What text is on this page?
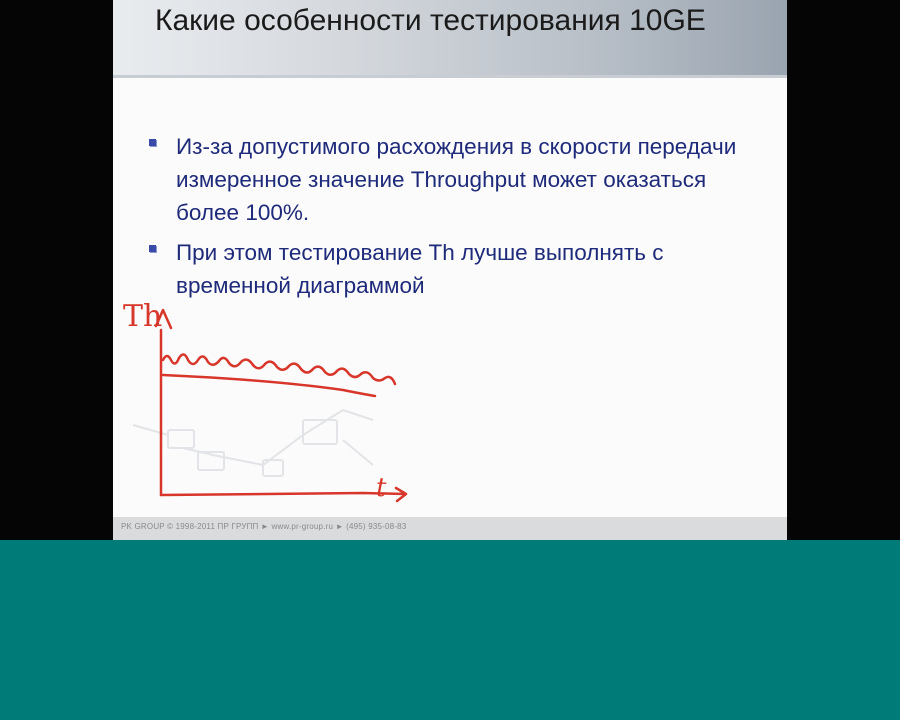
Какие особенности тестирования 10GE
Из-за допустимого расхождения в скорости передачи измеренное значение Throughput может оказаться более 100%.
При этом тестирование Th лучше выполнять с временной диаграммой
Th
t
PK GROUP © 1998-2011 ПР ГРУПП ► www.pr-group.ru ► (495) 935-08-83
